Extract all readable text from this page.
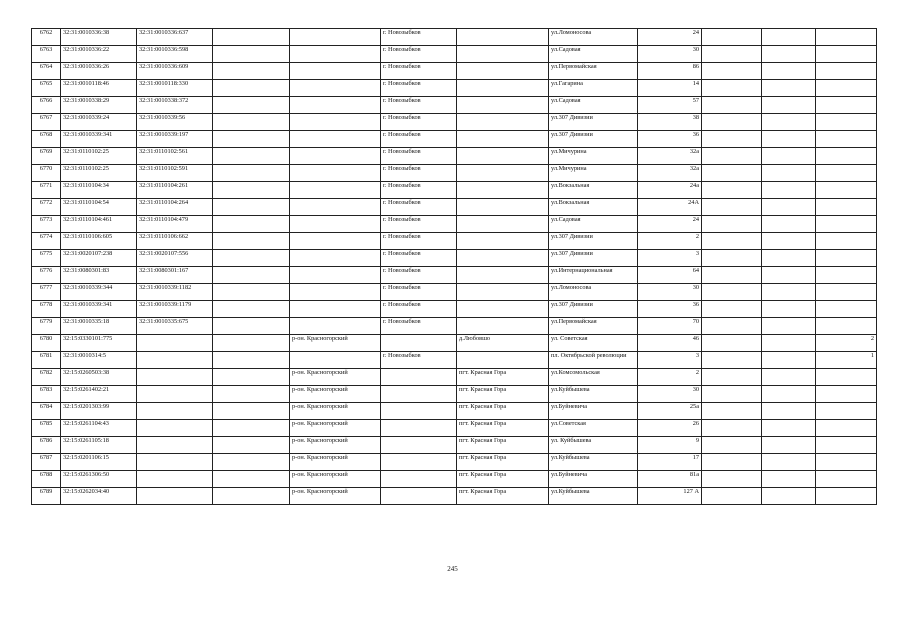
6762	32:31:0010336:38	32:31:0010336:637			г. Новозыбков		ул.Ломоносова	24			
6763	32:31:0010336:22	32:31:0010336:598			г. Новозыбков		ул.Садовая	30			
6764	32:31:0010336:26	32:31:0010336:609			г. Новозыбков		ул.Первомайская	86			
6765	32:31:0010118:46	32:31:0010118:330			г. Новозыбков		ул.Гагарина	14			
6766	32:31:0010338:29	32:31:0010338:372			г. Новозыбков		ул.Садовая	57			
6767	32:31:0010339:24	32:31:0010339:56			г. Новозыбков		ул.307 Дивизии	38			
6768	32:31:0010339:341	32:31:0010339:197			г. Новозыбков		ул.307 Дивизии	36			
6769	32:31:0110102:25	32:31:0110102:561			г. Новозыбков		ул.Мичурина	32а			
6770	32:31:0110102:25	32:31:0110102:591			г. Новозыбков		ул.Мичурина	32а			
6771	32:31:0110104:34	32:31:0110104:261			г. Новозыбков		ул.Вокзальная	24а			
6772	32:31:0110104:54	32:31:0110104:264			г. Новозыбков		ул.Вокзальная	24А			
6773	32:31:0110104:461	32:31:0110104:479			г. Новозыбков		ул.Садовая	24			
6774	32:31:0110106:605	32:31:0110106:662			г. Новозыбков		ул.307 Дивизии	2			
6775	32:31:0020107:238	32:31:0020107:556			г. Новозыбков		ул.307 Дивизии	3			
6776	32:31:0080301:83	32:31:0080301:167			г. Новозыбков		ул.Интернациональная	64			
6777	32:31:0010339:344	32:31:0010339:1182			г. Новозыбков		ул.Ломоносова	30			
6778	32:31:0010339:341	32:31:0010339:1179			г. Новозыбков		ул.307 Дивизии	36			
6779	32:31:0010335:18	32:31:0010335:675			г. Новозыбков		ул.Первомайская	70			
6780	32:15:0330101:775			р-он. Красногорский		д.Любовшо	ул. Советская	46			2
6781	32:31:0010314:5				г. Новозыбков		пл. Октябрьской революции	3			1
6782	32:15:0260503:38			р-он. Красногорский		пгт. Красная Гора	ул.Комсомольская	2			
6783	32:15:0261402:21			р-он. Красногорский		пгт. Красная Гора	ул.Куйбышева	30			
6784	32:15:0201303:99			р-он. Красногорский		пгт. Красная Гора	ул.Буйневича	25а			
6785	32:15:0261104:43			р-он. Красногорский		пгт. Красная Гора	ул.Советская	26			
6786	32:15:0261105:18			р-он. Красногорский		пгт. Красная Гора	ул. Куйбышева	9			
6787	32:15:0201106:15			р-он. Красногорский		пгт. Красная Гора	ул.Куйбышева	17			
6788	32:15:0261306:50			р-он. Красногорский		пгт. Красная Гора	ул.Буйневича	81а			
6789	32:15:0262034:40			р-он. Красногорский		пгт. Красная Гора	ул.Куйбышева	127 А			
245
